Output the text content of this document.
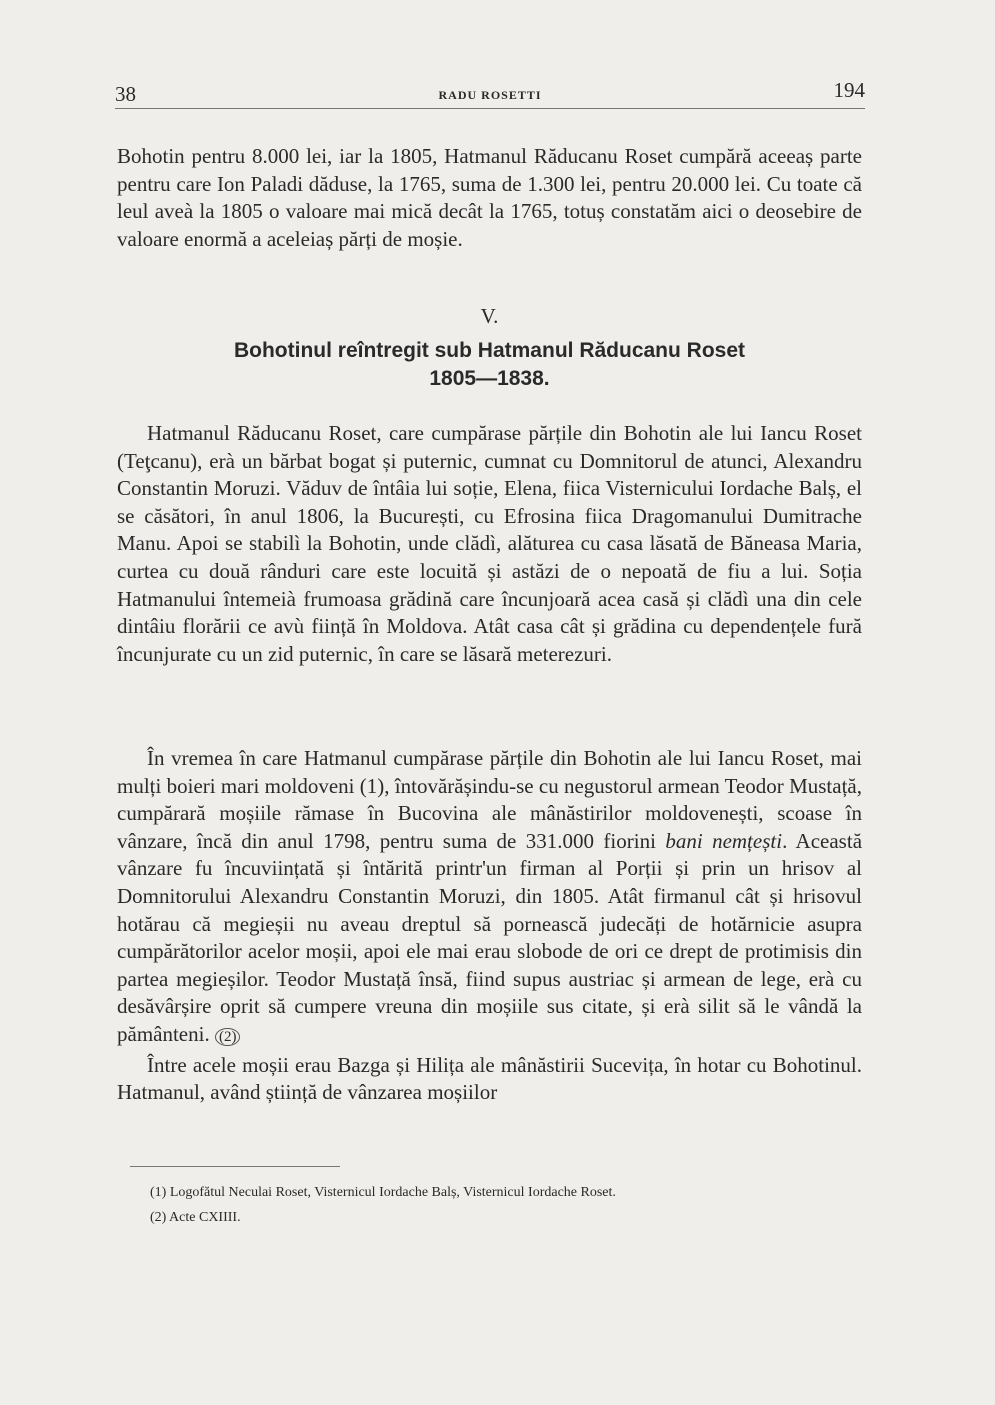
38	RADU ROSETTI	194
Bohotin pentru 8.000 lei, iar la 1805, Hatmanul Răducanu Roset cumpără aceeaș parte pentru care Ion Paladi dăduse, la 1765, suma de 1.300 lei, pentru 20.000 lei. Cu toate că leul aveà la 1805 o valoare mai mică decât la 1765, totuș constatăm aici o deosebire de valoare enormă a aceleiaș părți de moșie.
V.
Bohotinul reîntregit sub Hatmanul Răducanu Roset
1805—1838.
Hatmanul Răducanu Roset, care cumpărase părțile din Bohotin ale lui Iancu Roset (Teţcanu), erà un bărbat bogat și puternic, cumnat cu Domnitorul de atunci, Alexandru Constantin Moruzi. Văduv de întâia lui soție, Elena, fiica Visternicului Iordache Balș, el se căsători, în anul 1806, la București, cu Efrosina fiica Dragomanului Dumitrache Manu. Apoi se stabilì la Bohotin, unde clădì, alăturea cu casa lăsată de Băneasa Maria, curtea cu două rânduri care este locuită și astăzi de o nepoată de fiu a lui. Soția Hatmanului întemeià frumoasa grădină care încunjoară acea casă și clădì una din cele dintâiu florării ce avù ființă în Moldova. Atât casa cât și grădina cu dependențele fură încunjurate cu un zid puternic, în care se lăsară meterezuri.
În vremea în care Hatmanul cumpărase părțile din Bohotin ale lui Iancu Roset, mai mulți boieri mari moldoveni (1), întovărășindu-se cu negustorul armean Teodor Mustață, cumpărară moșiile rămase în Bucovina ale mânăstirilor moldovenești, scoase în vânzare, încă din anul 1798, pentru suma de 331.000 fiorini bani nemțești. Această vânzare fu încuviințată și întărită printr'un firman al Porții și prin un hrisov al Domnitorului Alexandru Constantin Moruzi, din 1805. Atât firmanul cât și hrisovul hotărau că megieșii nu aveau dreptul să pornească judecăți de hotărnicie asupra cumpărătorilor acelor moșii, apoi ele mai erau slobode de ori ce drept de protimisis din partea megieșilor. Teodor Mustață însă, fiind supus austriac și armean de lege, erà cu desăvârșire oprit să cumpere vreuna din moșiile sus citate, și erà silit să le vândă la pământeni. (2)
Între acele moșii erau Bazga și Hilița ale mânăstirii Sucevița, în hotar cu Bohotinul. Hatmanul, având știință de vânzarea moșiilor
(1) Logofătul Neculai Roset, Visternicul Iordache Balș, Visternicul Iordache Roset.
(2) Acte CXIIII.
